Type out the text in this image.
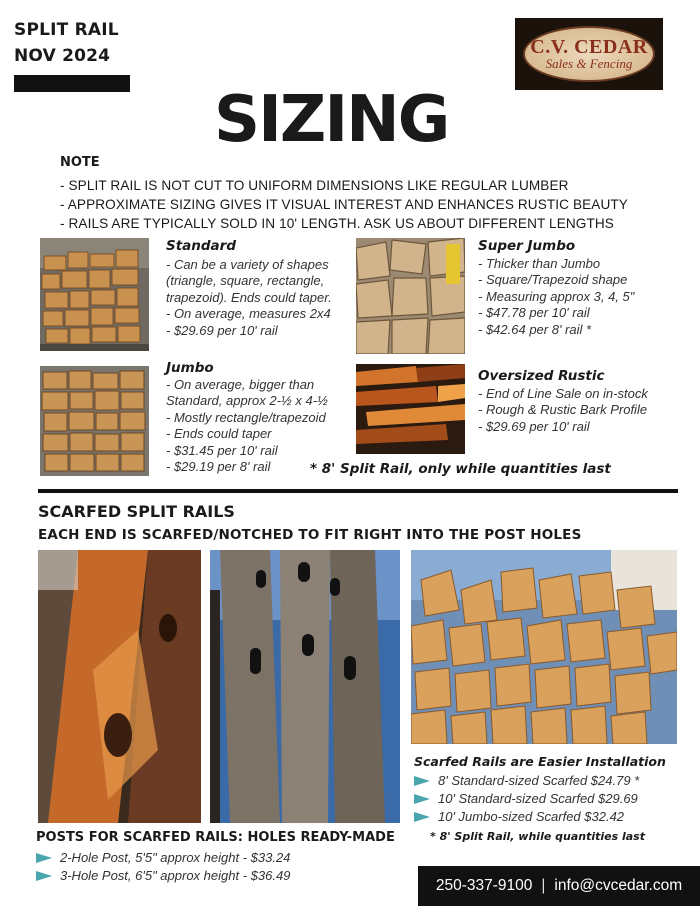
SPLIT RAIL
NOV 2024	C.V. CEDAR
Sales & Fencing
SIZING
NOTE
- SPLIT RAIL IS NOT CUT TO UNIFORM DIMENSIONS LIKE REGULAR LUMBER
- APPROXIMATE SIZING GIVES IT VISUAL INTEREST AND ENHANCES RUSTIC BEAUTY
- RAILS ARE TYPICALLY SOLD IN 10' LENGTH. ASK US ABOUT DIFFERENT LENGTHS
Standard
- Can be a variety of shapes
(triangle, square, rectangle,
trapezoid). Ends could taper.
- On average, measures 2x4
- $29.69 per 10' rail
Super Jumbo
- Thicker than Jumbo
- Square/Trapezoid shape
- Measuring approx 3, 4, 5"
- $47.78 per 10' rail
- $42.64 per 8' rail *
Jumbo
- On average, bigger than
Standard, approx 2-½ x 4-½
- Mostly rectangle/trapezoid
- Ends could taper
- $31.45 per 10' rail
- $29.19 per 8' rail
Oversized Rustic
- End of Line Sale on in-stock
- Rough & Rustic Bark Profile
- $29.69 per 10' rail
* 8' Split Rail, only while quantities last
SCARFED SPLIT RAILS
EACH END IS SCARFED/NOTCHED TO FIT RIGHT INTO THE POST HOLES
Scarfed Rails are Easier Installation
8' Standard-sized Scarfed $24.79 *
10' Standard-sized Scarfed $29.69
10' Jumbo-sized Scarfed $32.42
* 8' Split Rail, while quantities last
POSTS FOR SCARFED RAILS: HOLES READY-MADE
2-Hole Post, 5'5" approx height - $33.24
3-Hole Post, 6'5" approx height - $36.49
250-337-9100 | info@cvcedar.com
